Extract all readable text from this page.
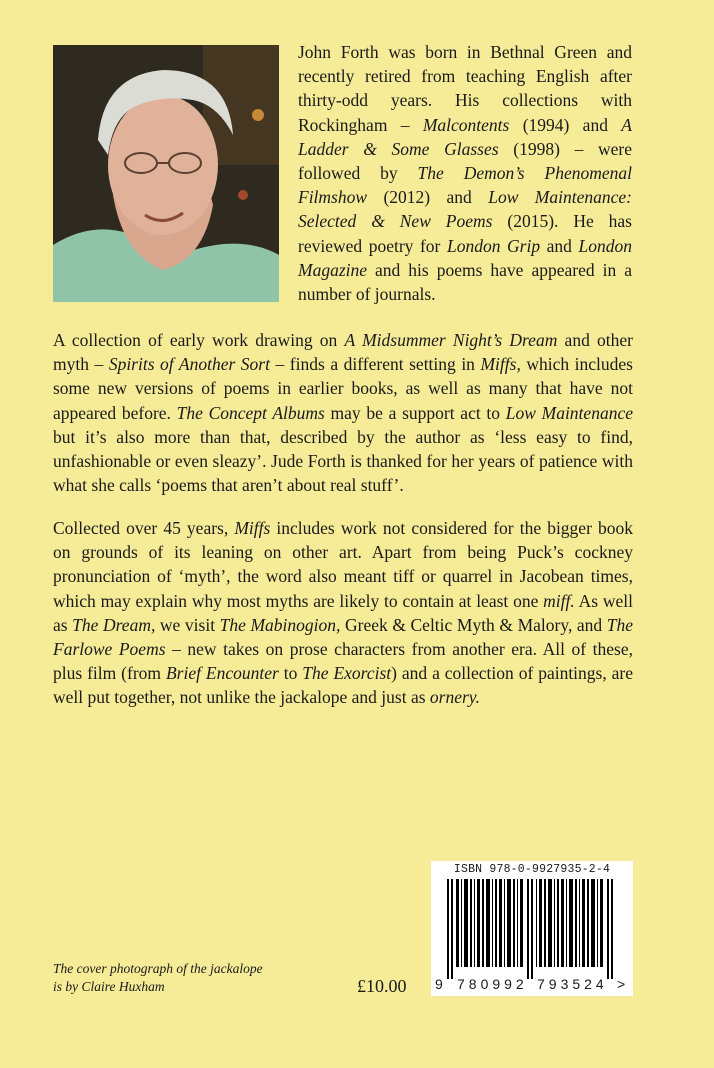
John Forth was born in Bethnal Green and recently retired from teaching English after thirty-odd years. His collections with Rockingham – Malcontents (1994) and A Ladder & Some Glasses (1998) – were followed by The Demon’s Phenomenal Filmshow (2012) and Low Maintenance: Selected & New Poems (2015). He has reviewed poetry for London Grip and London Magazine and his poems have appeared in a number of journals.

A collection of early work drawing on A Midsummer Night’s Dream and other myth – Spirits of Another Sort – finds a different setting in Miffs, which includes some new versions of poems in earlier books, as well as many that have not appeared before. The Concept Albums may be a support act to Low Maintenance but it’s also more than that, described by the author as ‘less easy to find, unfashionable or even sleazy’. Jude Forth is thanked for her years of patience with what she calls ‘poems that aren’t about real stuff’.

Collected over 45 years, Miffs includes work not considered for the bigger book on grounds of its leaning on other art. Apart from being Puck’s cockney pronunciation of ‘myth’, the word also meant tiff or quarrel in Jacobean times, which may explain why most myths are likely to contain at least one miff. As well as The Dream, we visit The Mabinogion, Greek & Celtic Myth & Malory, and The Farlowe Poems – new takes on prose characters from another era. All of these, plus film (from Brief Encounter to The Exorcist) and a collection of paintings, are well put together, not unlike the jackalope and just as ornery.

The cover photograph of the jackalope
is by Claire Huxham	£10.00
ISBN 978-0-9927935-2-4
9 780992 793524 >
